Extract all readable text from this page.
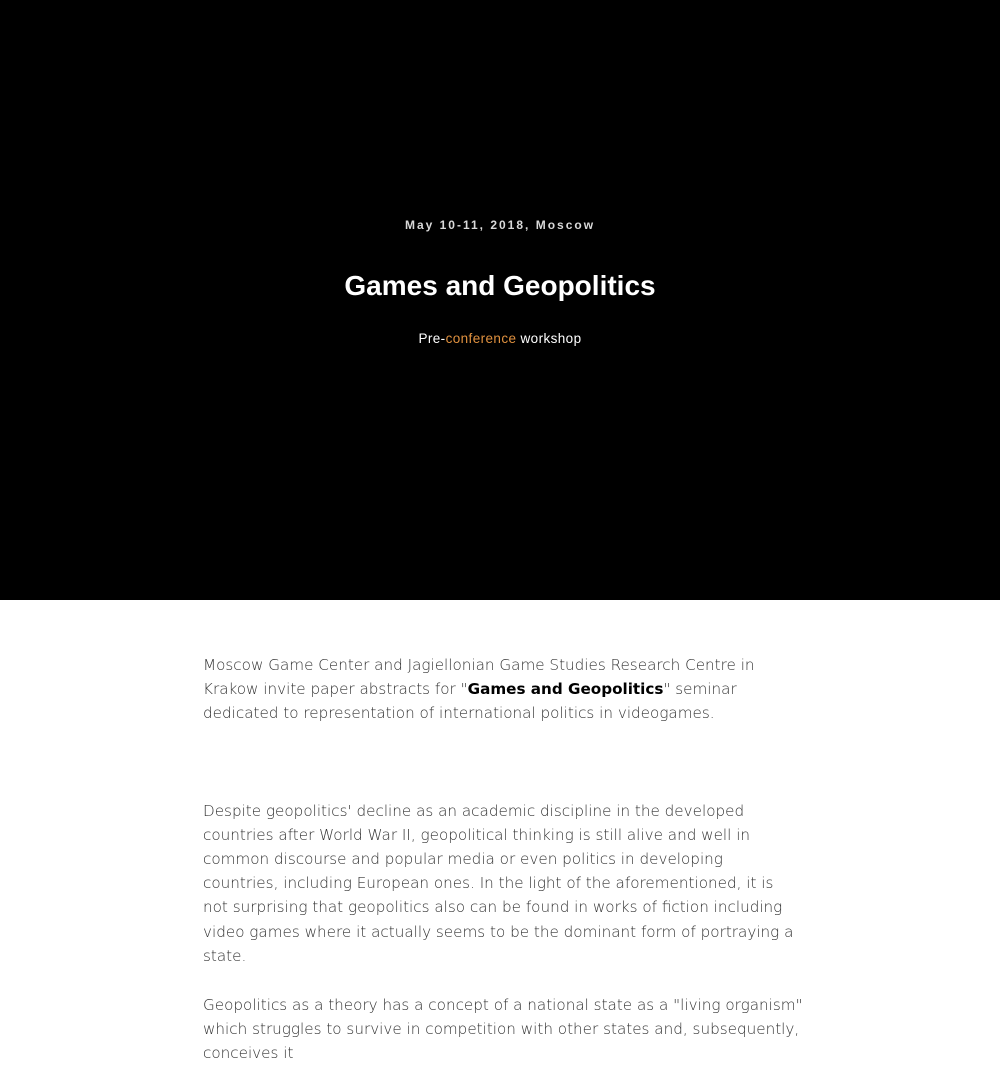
May 10-11, 2018, Moscow
Games and Geopolitics
Pre-conference workshop

Moscow Game Center and Jagiellonian Game Studies Research Centre in Krakow invite paper abstracts for "Games and Geopolitics" seminar dedicated to representation of international politics in videogames.

Despite geopolitics' decline as an academic discipline in the developed countries after World War II, geopolitical thinking is still alive and well in common discourse and popular media or even politics in developing countries, including European ones. In the light of the aforementioned, it is not surprising that geopolitics also can be found in works of fiction including video games where it actually seems to be the dominant form of portraying a state.

Geopolitics as a theory has a concept of a national state as a "living organism" which struggles to survive in competition with other states and, subsequently, conceives it
